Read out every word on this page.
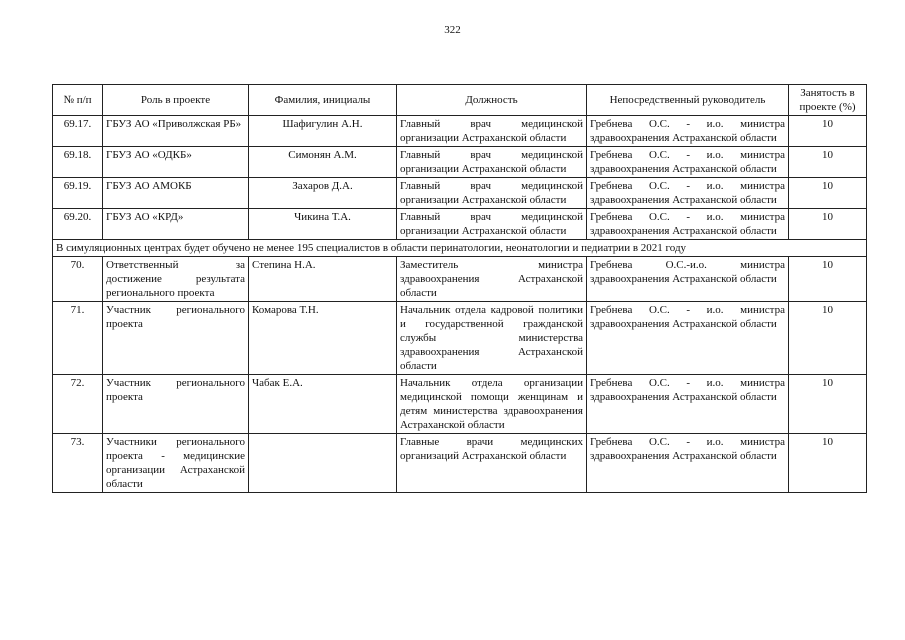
322
№ п/п	Роль в проекте	Фамилия, инициалы	Должность	Непосредственный руководитель	Занятость в проекте (%)
69.17.	ГБУЗ АО «Приволжская РБ»	Шафигулин А.Н.	Главный врач медицинской организации Астраханской области	Гребнева О.С. - и.о. министра здравоохранения Астраханской области	10
69.18.	ГБУЗ АО «ОДКБ»	Симонян А.М.	Главный врач медицинской организации Астраханской области	Гребнева О.С. - и.о. министра здравоохранения Астраханской области	10
69.19.	ГБУЗ АО АМОКБ	Захаров Д.А.	Главный врач медицинской организации Астраханской области	Гребнева О.С. - и.о. министра здравоохранения Астраханской области	10
69.20.	ГБУЗ АО «КРД»	Чикина Т.А.	Главный врач медицинской организации Астраханской области	Гребнева О.С. - и.о. министра здравоохранения Астраханской области	10
В симуляционных центрах будет обучено не менее 195 специалистов в области перинатологии, неонатологии и педиатрии в 2021 году					
70.	Ответственный за достижение результата регионального проекта	Степина Н.А.	Заместитель министра здравоохранения Астраханской области	Гребнева О.С.-и.о. министра здравоохранения Астраханской области	10
71.	Участник регионального проекта	Комарова Т.Н.	Начальник отдела кадровой политики и государственной гражданской службы министерства здравоохранения Астраханской области	Гребнева О.С. - и.о. министра здравоохранения Астраханской области	10
72.	Участник регионального проекта	Чабак Е.А.	Начальник отдела организации медицинской помощи женщинам и детям министерства здравоохранения Астраханской области	Гребнева О.С. - и.о. министра здравоохранения Астраханской области	10
73.	Участники регионального проекта - медицинские организации Астраханской области		Главные врачи медицинских организаций Астраханской области	Гребнева О.С. - и.о. министра здравоохранения Астраханской области	10
